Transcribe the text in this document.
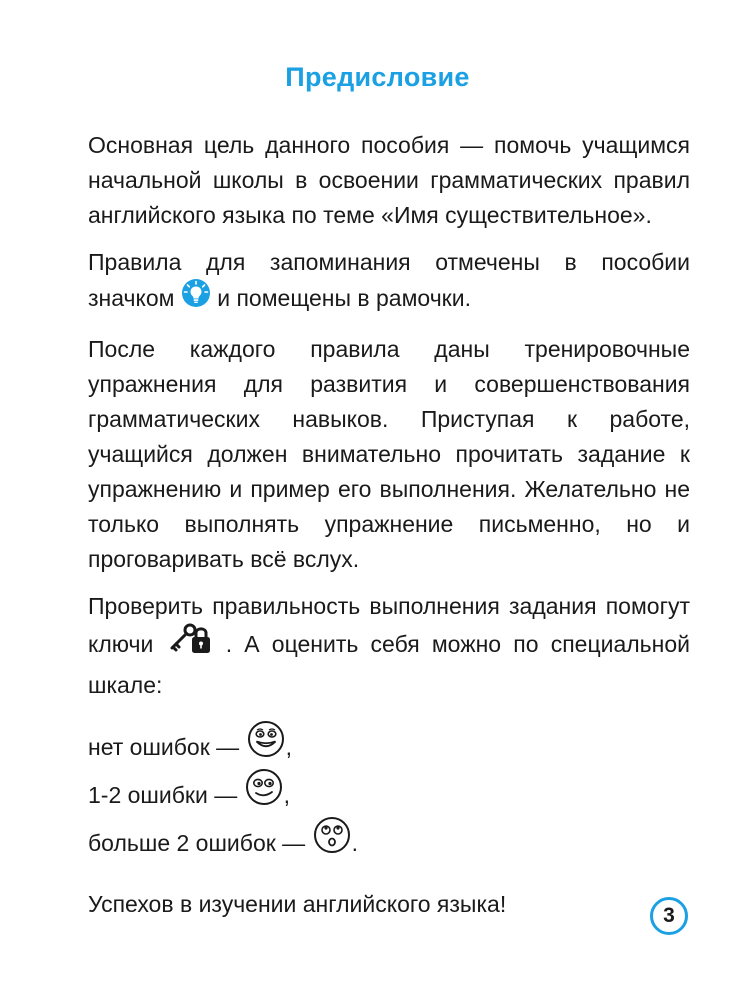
Предисловие

Основная цель данного пособия — помочь учащимся начальной школы в освоении грамматических правил английского языка по теме «Имя существительное».

Правила для запоминания отмечены в пособии значком и помещены в рамочки.

После каждого правила даны тренировочные упражнения для развития и совершенствования грамматических навыков. Приступая к работе, учащийся должен внимательно прочитать задание к упражнению и пример его выполнения. Желательно не только выполнять упражнение письменно, но и проговаривать всё вслух.

Проверить правильность выполнения задания помогут ключи	. А оценить себя можно по специальной шкале:

нет ошибок — ,
1-2 ошибки — ,
больше 2 ошибок — .

Успехов в изучении английского языка!	3
